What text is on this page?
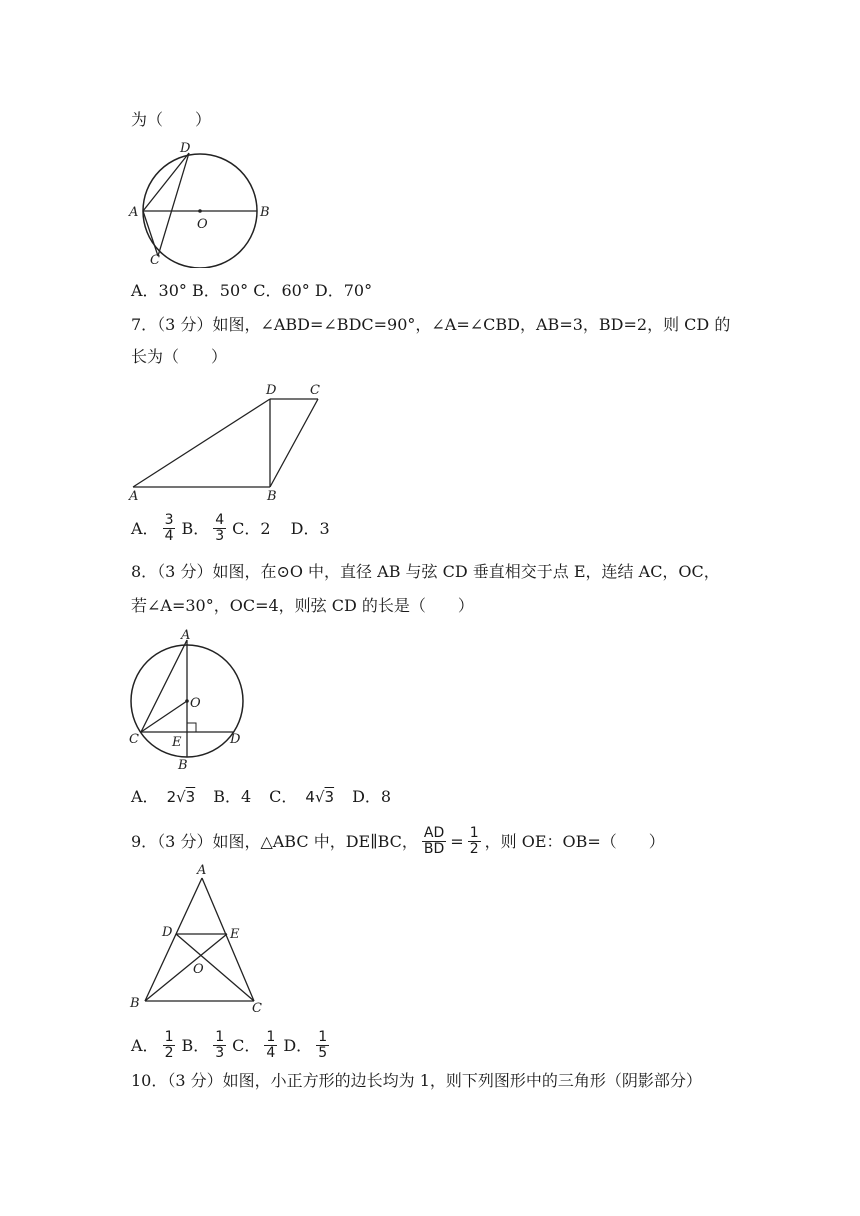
为（　　）
D
A
O
B
C
A．30° B．50° C．60° D．70°
7．（3 分）如图，∠ABD=∠BDC=90°，∠A=∠CBD，AB=3，BD=2，则 CD 的
长为（　　）
D	C
A	B
A． $\frac{3}{4}$ B． $\frac{4}{3}$ C．2 D．3
8．（3 分）如图，在⊙O 中，直径 AB 与弦 CD 垂直相交于点 E，连结 AC，OC，
若∠A=30°，OC=4，则弦 CD 的长是（　　）
A
O
C	E	D
B
A． 2√3 B．4 C． 4√3 D．8
9．（3 分）如图，△ABC 中，DE∥BC， $\frac{AD}{BD} = \frac{1}{2}$ ，则 OE：OB=（　　）
A
D	E
O
B	C
A． $\frac{1}{2}$ B． $\frac{1}{3}$ C． $\frac{1}{4}$ D． $\frac{1}{5}$
10．（3 分）如图，小正方形的边长均为 1，则下列图形中的三角形（阴影部分）
